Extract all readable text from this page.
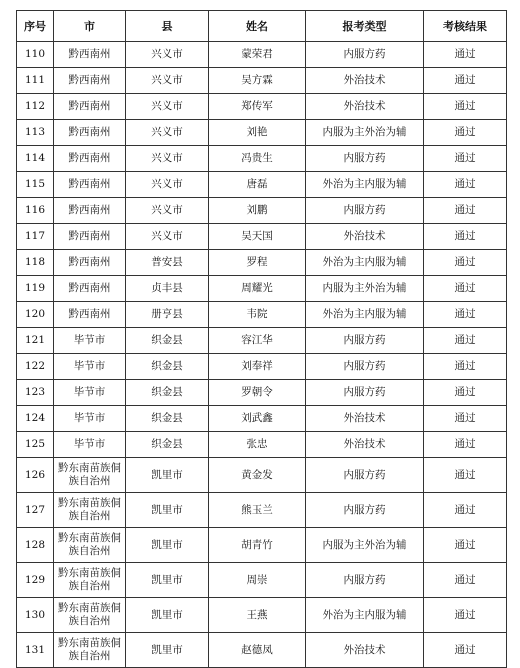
序号	市	县	姓名	报考类型	考核结果
110	黔西南州	兴义市	蒙荣君	内服方药	通过
111	黔西南州	兴义市	吴方霖	外治技术	通过
112	黔西南州	兴义市	郑传军	外治技术	通过
113	黔西南州	兴义市	刘艳	内服为主外治为辅	通过
114	黔西南州	兴义市	冯贵生	内服方药	通过
115	黔西南州	兴义市	唐磊	外治为主内服为辅	通过
116	黔西南州	兴义市	刘鹏	内服方药	通过
117	黔西南州	兴义市	吴天国	外治技术	通过
118	黔西南州	普安县	罗程	外治为主内服为辅	通过
119	黔西南州	贞丰县	周耀光	内服为主外治为辅	通过
120	黔西南州	册亨县	韦院	外治为主内服为辅	通过
121	毕节市	织金县	容江华	内服方药	通过
122	毕节市	织金县	刘奉祥	内服方药	通过
123	毕节市	织金县	罗朝令	内服方药	通过
124	毕节市	织金县	刘武鑫	外治技术	通过
125	毕节市	织金县	张忠	外治技术	通过
126	黔东南苗族侗族自治州	凯里市	黄金发	内服方药	通过
127	黔东南苗族侗族自治州	凯里市	熊玉兰	内服方药	通过
128	黔东南苗族侗族自治州	凯里市	胡青竹	内服为主外治为辅	通过
129	黔东南苗族侗族自治州	凯里市	周崇	内服方药	通过
130	黔东南苗族侗族自治州	凯里市	王燕	外治为主内服为辅	通过
131	黔东南苗族侗族自治州	凯里市	赵德凤	外治技术	通过
